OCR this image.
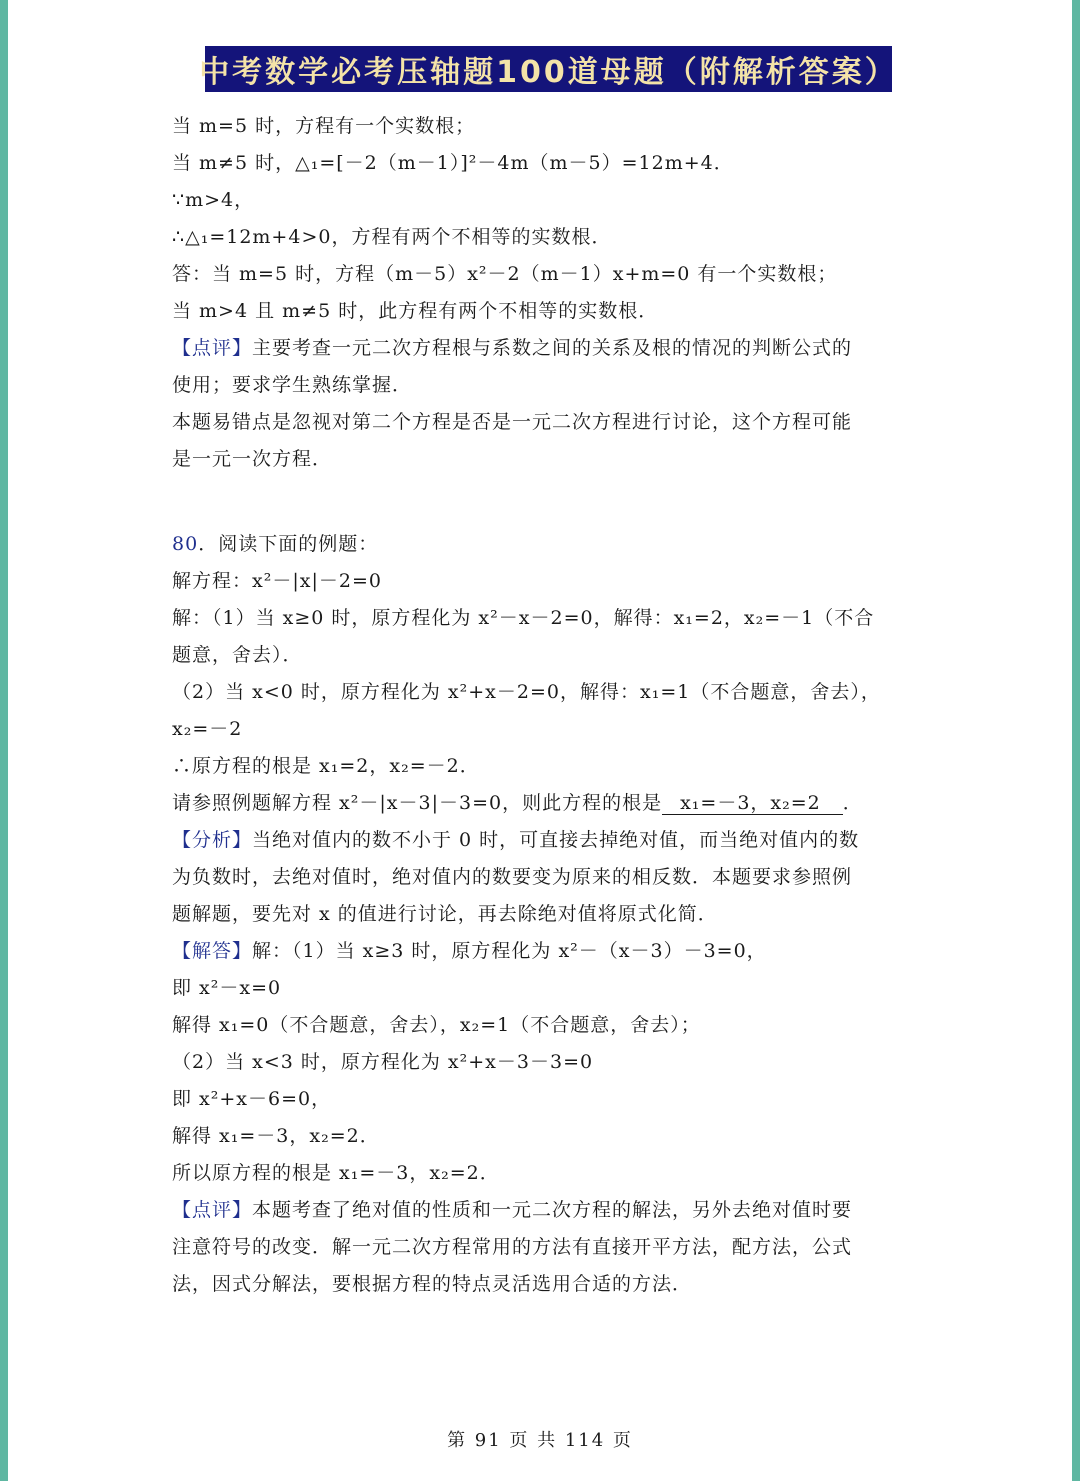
中考数学必考压轴题100道母题（附解析答案）

当 m=5 时，方程有一个实数根；

当 m≠5 时，△₁=[－2（m－1）]²－4m（m－5）=12m+4．

∵m>4，

∴△₁=12m+4>0，方程有两个不相等的实数根．

答：当 m=5 时，方程（m－5）x²－2（m－1）x+m=0 有一个实数根；

当 m>4 且 m≠5 时，此方程有两个不相等的实数根．

【点评】主要考查一元二次方程根与系数之间的关系及根的情况的判断公式的

使用；要求学生熟练掌握．

本题易错点是忽视对第二个方程是否是一元二次方程进行讨论，这个方程可能

是一元一次方程．

80．阅读下面的例题：

解方程：x²－|x|－2=0

解：（1）当 x≥0 时，原方程化为 x²－x－2=0，解得：x₁=2，x₂=－1（不合

题意，舍去）．

（2）当 x<0 时，原方程化为 x²+x－2=0，解得：x₁=1（不合题意，舍去），

x₂=－2

∴原方程的根是 x₁=2，x₂=－2．

请参照例题解方程 x²－|x－3|－3=0，则此方程的根是 x₁=－3，x₂=2 ．

【分析】当绝对值内的数不小于 0 时，可直接去掉绝对值，而当绝对值内的数

为负数时，去绝对值时，绝对值内的数要变为原来的相反数．本题要求参照例

题解题，要先对 x 的值进行讨论，再去除绝对值将原式化简．

【解答】解：（1）当 x≥3 时，原方程化为 x²－（x－3）－3=0，

即 x²－x=0

解得 x₁=0（不合题意，舍去），x₂=1（不合题意，舍去）；

（2）当 x<3 时，原方程化为 x²+x－3－3=0

即 x²+x－6=0，

解得 x₁=－3，x₂=2．

所以原方程的根是 x₁=－3，x₂=2．

【点评】本题考查了绝对值的性质和一元二次方程的解法，另外去绝对值时要

注意符号的改变．解一元二次方程常用的方法有直接开平方法，配方法，公式

法，因式分解法，要根据方程的特点灵活选用合适的方法．

第 91 页 共 114 页
